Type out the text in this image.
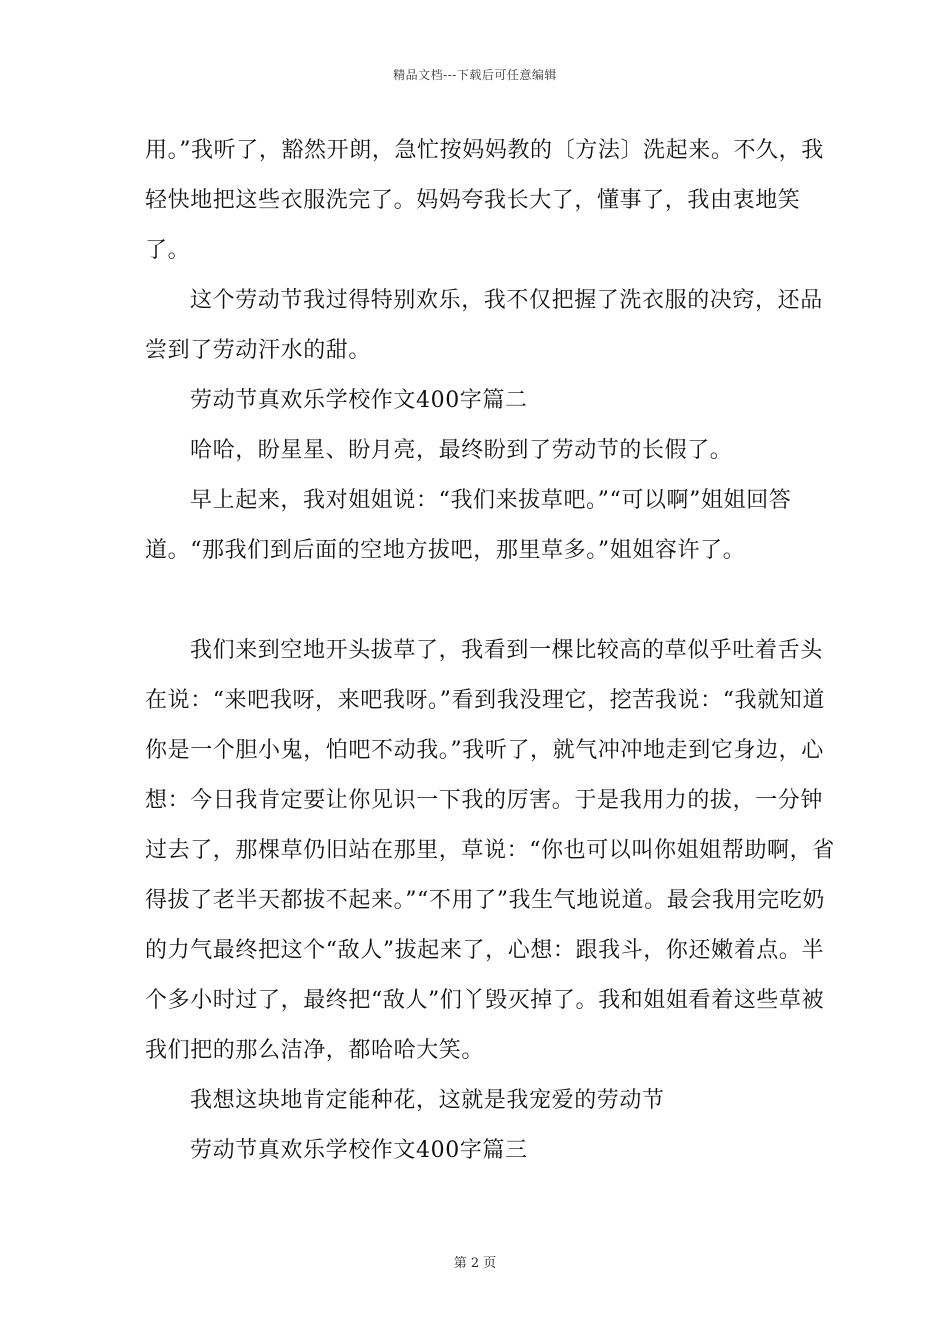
精品文档---下载后可任意编辑

用。”我听了，豁然开朗，急忙按妈妈教的〔方法〕洗起来。不久，我轻快地把这些衣服洗完了。妈妈夸我长大了，懂事了，我由衷地笑了。

这个劳动节我过得特别欢乐，我不仅把握了洗衣服的决窍，还品尝到了劳动汗水的甜。

劳动节真欢乐学校作文400字篇二

哈哈，盼星星、盼月亮，最终盼到了劳动节的长假了。

早上起来，我对姐姐说：“我们来拔草吧。”“可以啊”姐姐回答道。“那我们到后面的空地方拔吧，那里草多。”姐姐容许了。

我们来到空地开头拔草了，我看到一棵比较高的草似乎吐着舌头在说：“来吧我呀，来吧我呀。”看到我没理它，挖苦我说：“我就知道你是一个胆小鬼，怕吧不动我。”我听了，就气冲冲地走到它身边，心想：今日我肯定要让你见识一下我的厉害。于是我用力的拔，一分钟过去了，那棵草仍旧站在那里，草说：“你也可以叫你姐姐帮助啊，省得拔了老半天都拔不起来。”“不用了”我生气地说道。最会我用完吃奶的力气最终把这个“敌人”拔起来了，心想：跟我斗，你还嫩着点。半个多小时过了，最终把“敌人”们丫毁灭掉了。我和姐姐看着这些草被我们把的那么洁净，都哈哈大笑。

我想这块地肯定能种花，这就是我宠爱的劳动节

劳动节真欢乐学校作文400字篇三

第 2 页
